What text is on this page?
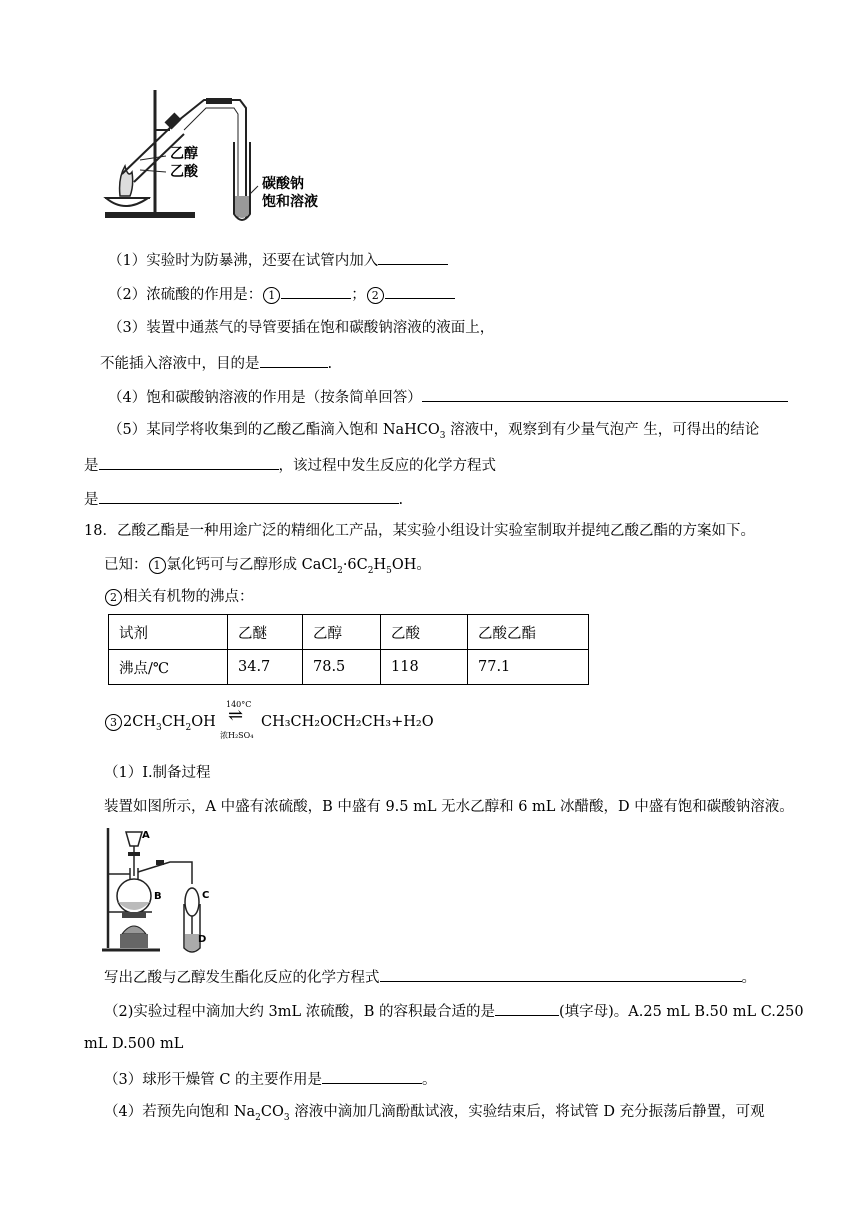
乙醇
乙酸
碳酸钠
饱和溶液
（1）实验时为防暴沸，还要在试管内加入
（2）浓硫酸的作用是： 1	； 2
（3）装置中通蒸气的导管要插在饱和碳酸钠溶液的液面上，
不能插入溶液中，目的是	.
（4）饱和碳酸钠溶液的作用是（按条简单回答）
（5）某同学将收集到的乙酸乙酯滴入饱和 NaHCO$_3$ 溶液中，观察到有少量气泡产 生，可得出的结论
是	，该过程中发生反应的化学方程式
是	.
18．乙酸乙酯是一种用途广泛的精细化工产品，某实验小组设计实验室制取并提纯乙酸乙酯的方案如下。
已知： 1 氯化钙可与乙醇形成 $CaCl_2\cdot 6C_2H_5OH$。
2 相关有机物的沸点：
试剂	乙醚	乙醇	乙酸	乙酸乙酯
沸点/℃	34.7	78.5	118	77.1
3 $2CH_3CH_2OH$
140°C
⇌
浓H₂SO₄
CH₃CH₂OCH₂CH₃+H₂O
（1）Ⅰ.制备过程
装置如图所示，A 中盛有浓硫酸，B 中盛有 9.5 mL 无水乙醇和 6 mL 冰醋酸，D 中盛有饱和碳酸钠溶液。
A
B	C
D
写出乙酸与乙醇发生酯化反应的化学方程式	。
（2)实验过程中滴加大约 3mL 浓硫酸，B 的容积最合适的是	(填字母)。A.25 mL B.50 mL C.250
mL D.500 mL
（3）球形干燥管 C 的主要作用是	。
（4）若预先向饱和 $Na_2CO_3$ 溶液中滴加几滴酚酞试液，实验结束后，将试管 D 充分振荡后静置，可观
